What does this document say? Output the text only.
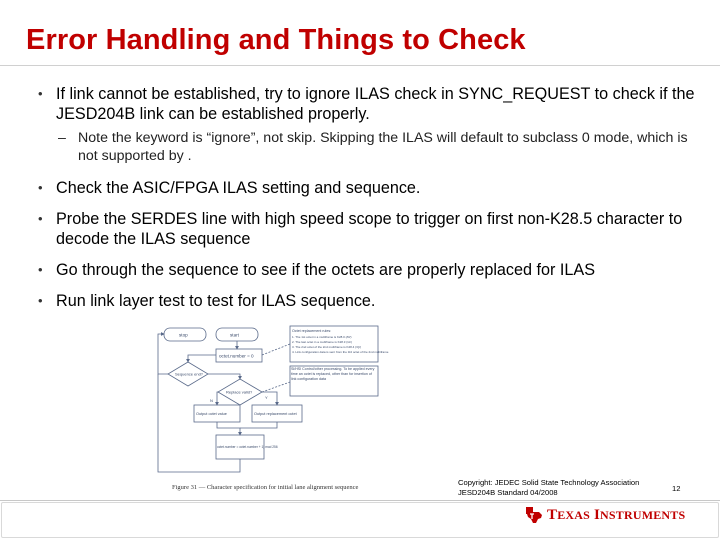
Error Handling and Things to Check
• If link cannot be established, try to ignore ILAS check in SYNC_REQUEST to check if the JESD204B link can be established properly.
– Note the keyword is “ignore”, not skip. Skipping the ILAS will default to subclass 0 mode, which is not supported by .
• Check the ASIC/FPGA ILAS setting and sequence.
• Probe the SERDES line with high speed scope to trigger on first non-K28.5 character to decode the ILAS sequence
• Go through the sequence to see if the octets are properly replaced for ILAS
• Run link layer test to test for ILAS sequence.
stop	start
octet.number = 0
Sequence end?
Replace valid?
Output octet value	Output replacement octet
octet.number = octet.number + 1) mod 256
N
Y
Octet replacement rules:
1. The 1st octet in a multiframe is K28.0 (/R/)
2. The last octet in a multiframe is K28.3 (/A/)
3. The 2nd octet of the 2nd multiframe is K28.4 (/Q/)
4. Link configuration data is sent from the 3rd octet of the 2nd multiframe
Sl/HSI Control/other processing. To be applied every time an octet is replaced, other than for insertion of link configuration data
Figure 31 — Character specification for initial lane alignment sequence
Copyright: JEDEC Solid State Technology Association
JESD204B Standard 04/2008	12
TEXAS INSTRUMENTS
